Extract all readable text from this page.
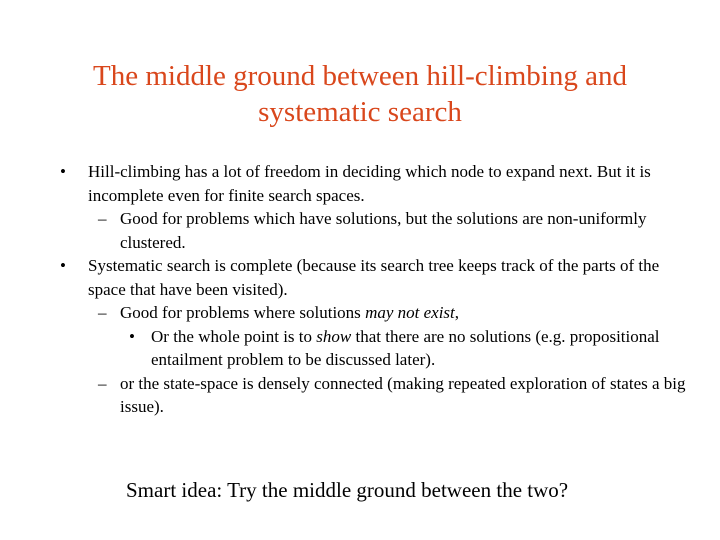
The middle ground between hill-climbing and
systematic search
• Hill-climbing has a lot of freedom in deciding which node to expand next. But it is incomplete even for finite search spaces.
– Good for problems which have solutions, but the solutions are non-uniformly clustered.
• Systematic search is complete (because its search tree keeps track of the parts of the space that have been visited).
– Good for problems where solutions may not exist,
• Or the whole point is to show that there are no solutions (e.g. propositional entailment problem to be discussed later).
– or the state-space is densely connected (making repeated exploration of states a big issue).
Smart idea: Try the middle ground between the two?
